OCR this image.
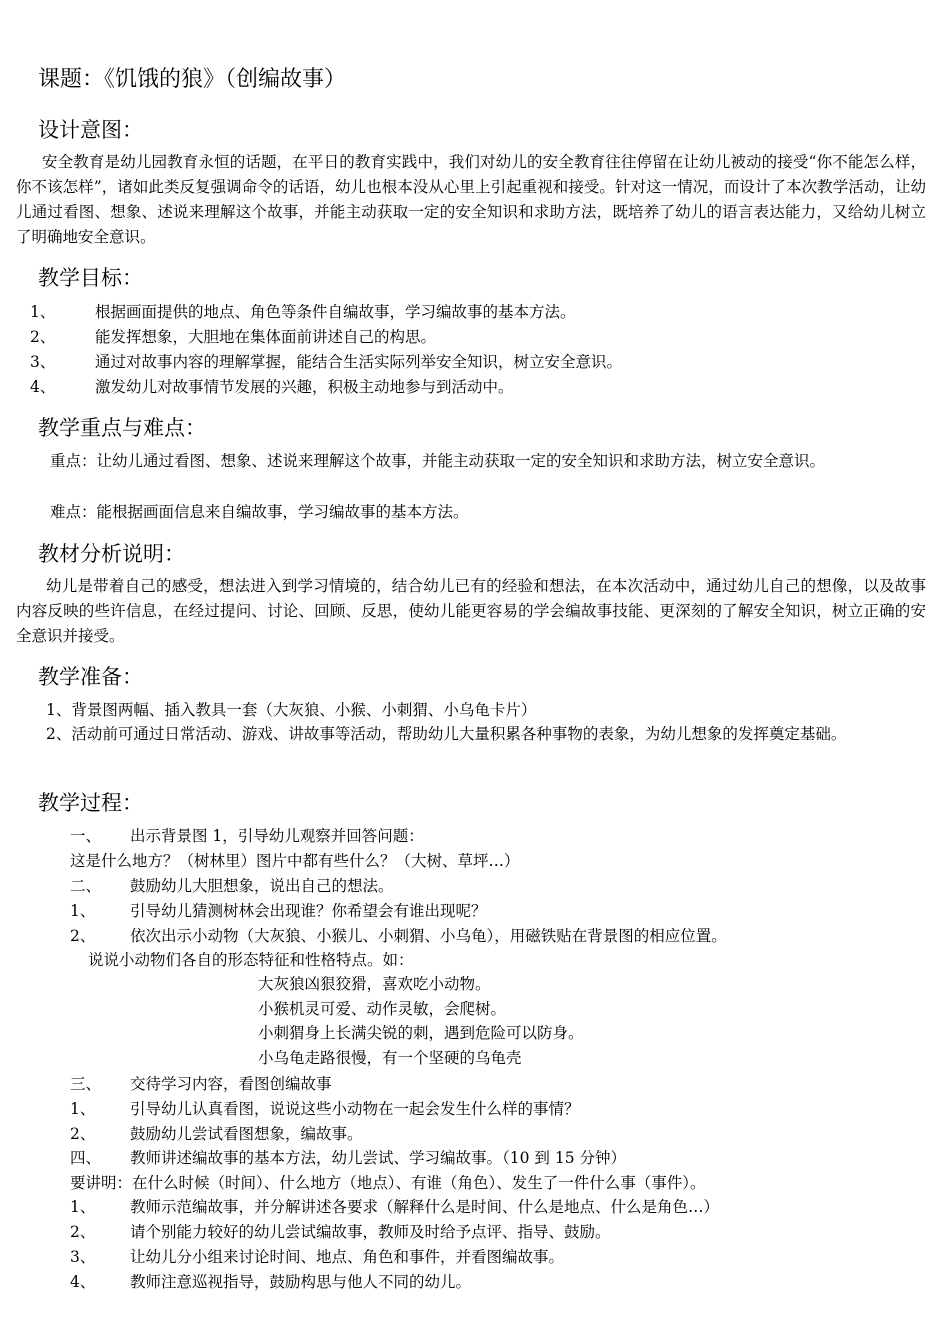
课题：《饥饿的狼》（创编故事）
设计意图：
安全教育是幼儿园教育永恒的话题，在平日的教育实践中，我们对幼儿的安全教育往往停留在让幼儿被动的接受“你不能怎么样，你不该怎样”，诸如此类反复强调命令的话语，幼儿也根本没从心里上引起重视和接受。针对这一情况，而设计了本次教学活动，让幼儿通过看图、想象、述说来理解这个故事，并能主动获取一定的安全知识和求助方法，既培养了幼儿的语言表达能力，又给幼儿树立了明确地安全意识。
教学目标：
1、	根据画面提供的地点、角色等条件自编故事，学习编故事的基本方法。
2、	能发挥想象，大胆地在集体面前讲述自己的构思。
3、	通过对故事内容的理解掌握，能结合生活实际列举安全知识，树立安全意识。
4、	激发幼儿对故事情节发展的兴趣，积极主动地参与到活动中。
教学重点与难点：
重点：让幼儿通过看图、想象、述说来理解这个故事，并能主动获取一定的安全知识和求助方法，树立安全意识。
难点：能根据画面信息来自编故事，学习编故事的基本方法。
教材分析说明：
幼儿是带着自己的感受，想法进入到学习情境的，结合幼儿已有的经验和想法，在本次活动中，通过幼儿自己的想像，以及故事内容反映的些许信息，在经过提问、讨论、回顾、反思，使幼儿能更容易的学会编故事技能、更深刻的了解安全知识，树立正确的安全意识并接受。
教学准备：
1、背景图两幅、插入教具一套（大灰狼、小猴、小刺猬、小乌龟卡片）
2、活动前可通过日常活动、游戏、讲故事等活动，帮助幼儿大量积累各种事物的表象，为幼儿想象的发挥奠定基础。
教学过程：
一、 出示背景图 1，引导幼儿观察并回答问题：
这是什么地方？（树林里）图片中都有些什么？（大树、草坪…）
二、 鼓励幼儿大胆想象，说出自己的想法。
1、 引导幼儿猜测树林会出现谁？你希望会有谁出现呢？
2、 依次出示小动物（大灰狼、小猴儿、小刺猬、小乌龟），用磁铁贴在背景图的相应位置。
说说小动物们各自的形态特征和性格特点。如：
大灰狼凶狠狡猾，喜欢吃小动物。
小猴机灵可爱、动作灵敏，会爬树。
小刺猬身上长满尖锐的刺，遇到危险可以防身。
小乌龟走路很慢，有一个坚硬的乌龟壳
三、 交待学习内容，看图创编故事
1、 引导幼儿认真看图，说说这些小动物在一起会发生什么样的事情？
2、 鼓励幼儿尝试看图想象，编故事。
四、 教师讲述编故事的基本方法，幼儿尝试、学习编故事。（10 到 15 分钟）
要讲明：在什么时候（时间）、什么地方（地点）、有谁（角色）、发生了一件什么事（事件）。
1、 教师示范编故事，并分解讲述各要求（解释什么是时间、什么是地点、什么是角色…）
2、 请个别能力较好的幼儿尝试编故事，教师及时给予点评、指导、鼓励。
3、 让幼儿分小组来讨论时间、地点、角色和事件，并看图编故事。
4、 教师注意巡视指导，鼓励构思与他人不同的幼儿。
